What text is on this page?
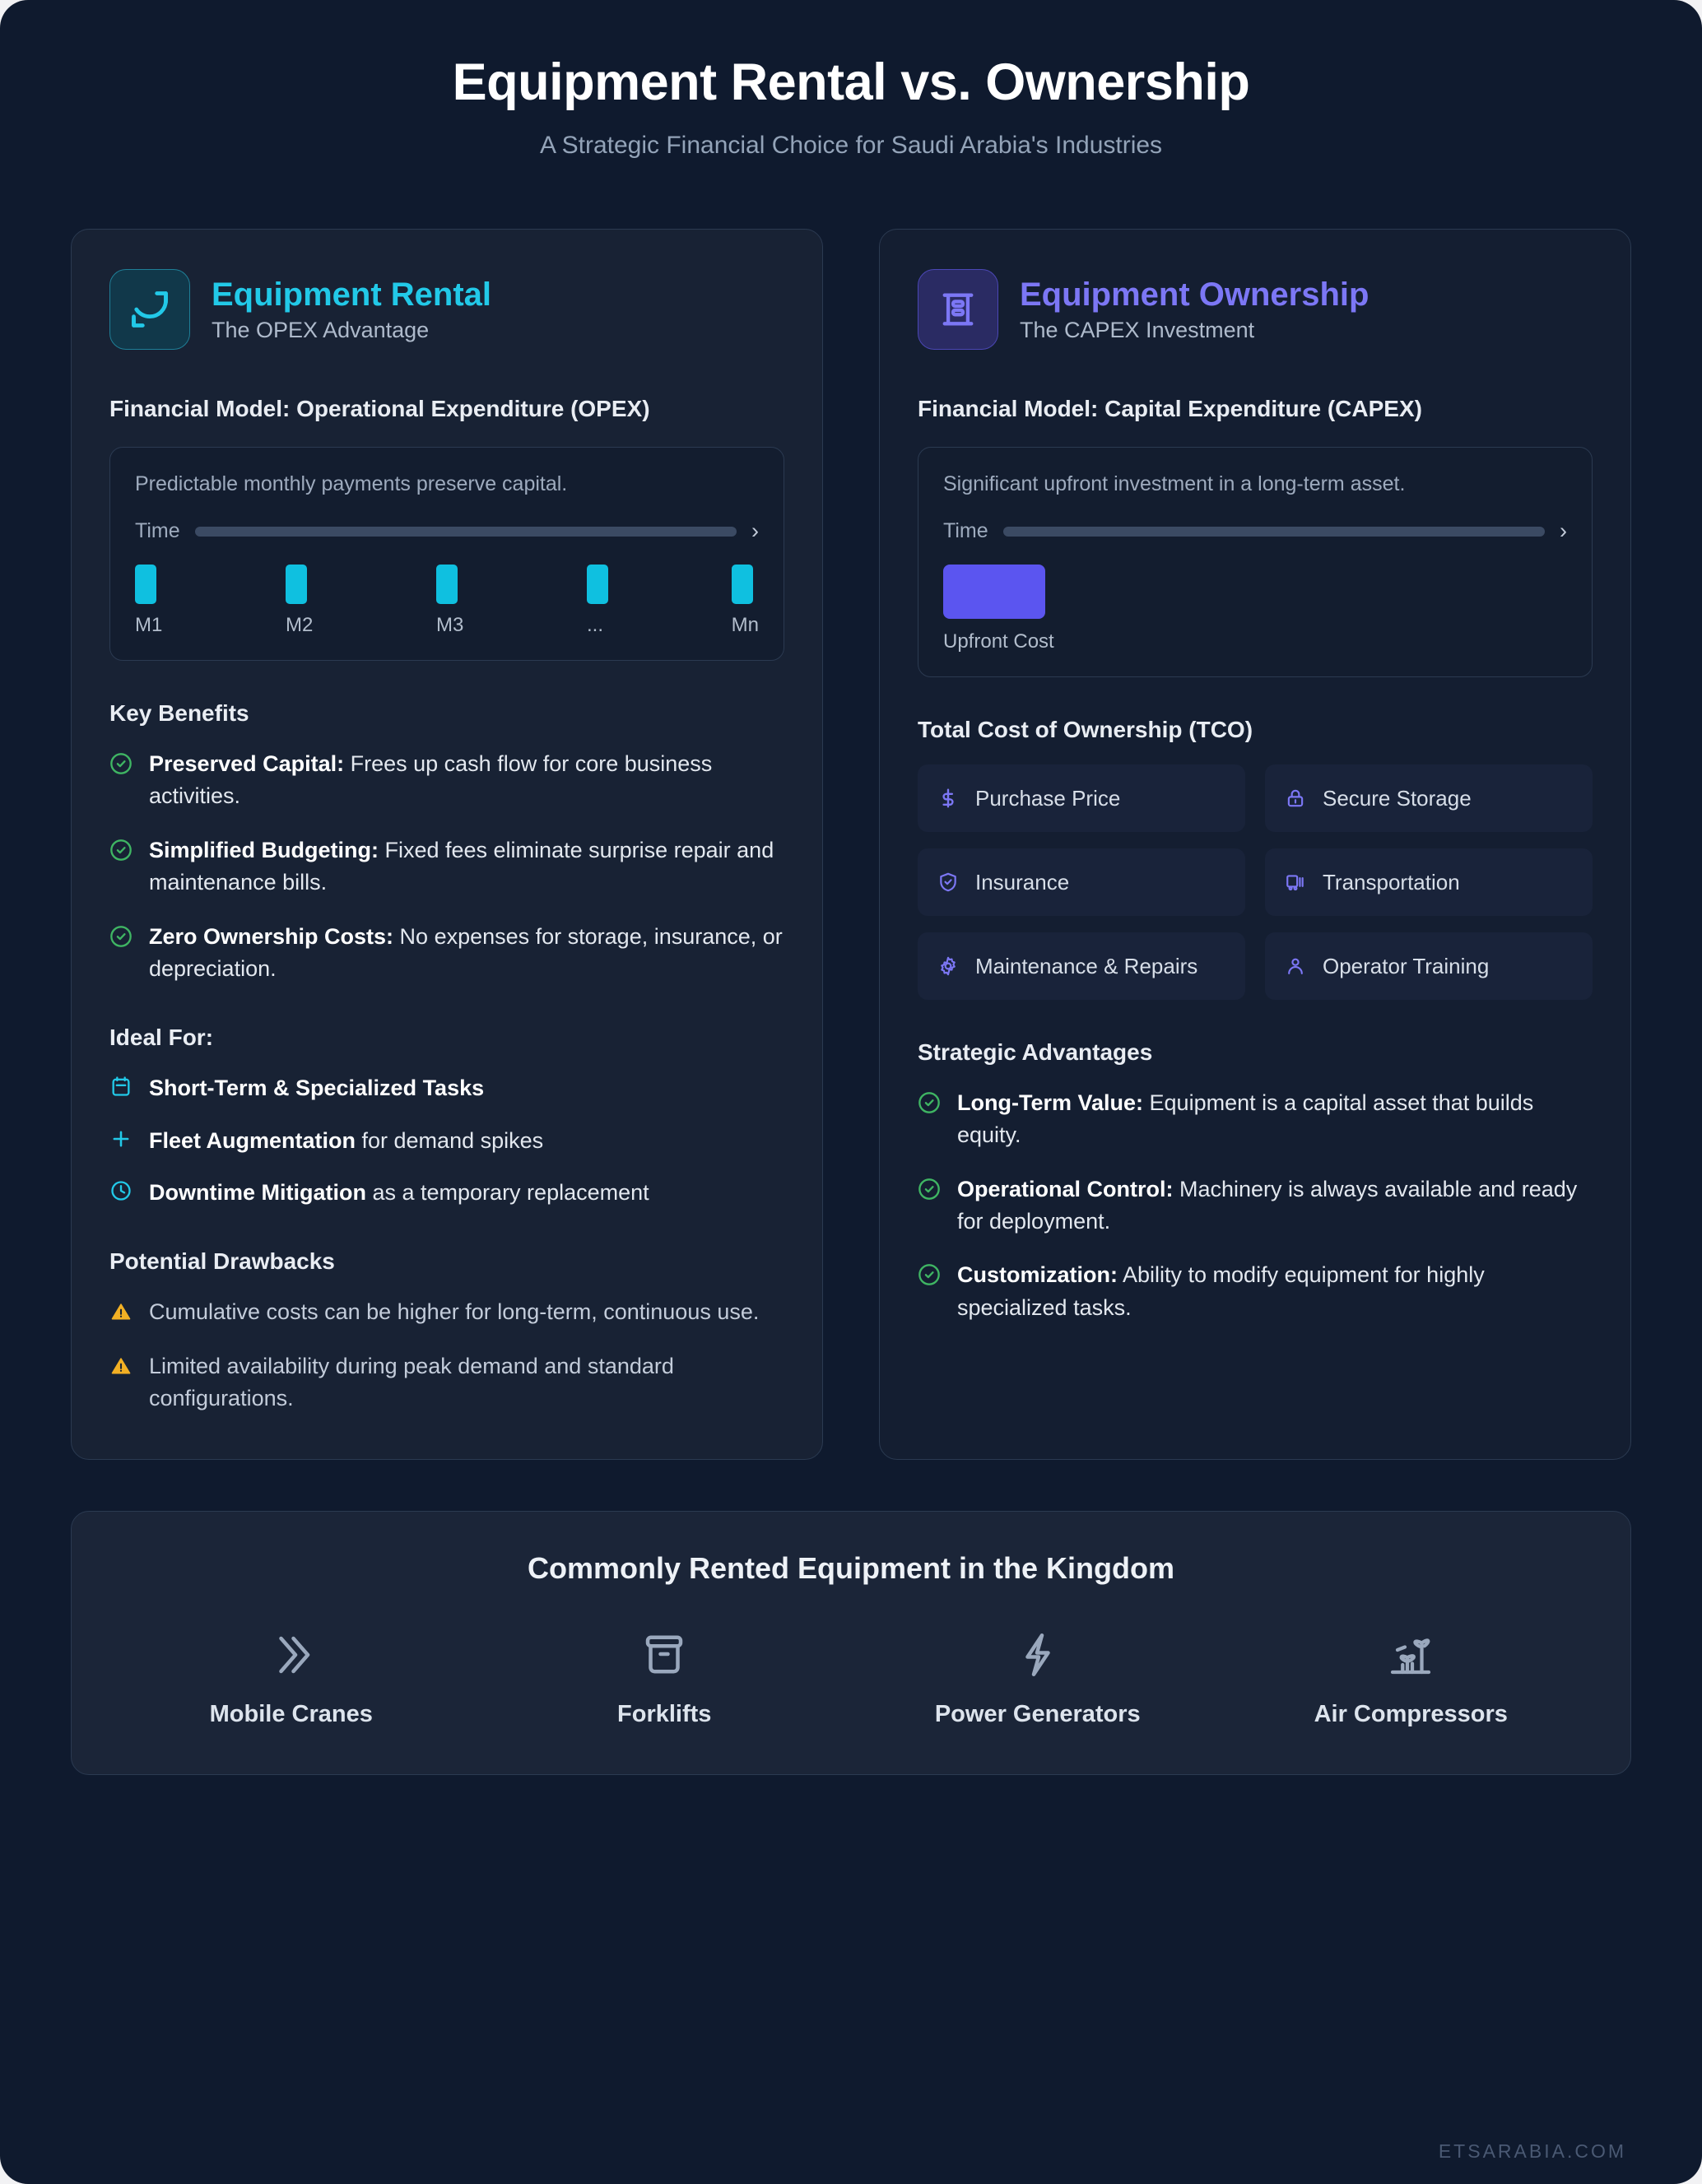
Equipment Rental vs. Ownership
A Strategic Financial Choice for Saudi Arabia's Industries
Equipment Rental
The OPEX Advantage
Financial Model: Operational Expenditure (OPEX)
Predictable monthly payments preserve capital.
Time	›
M1	M2	M3	...	Mn
Key Benefits
Preserved Capital: Frees up cash flow for core business activities.
Simplified Budgeting: Fixed fees eliminate surprise repair and maintenance bills.
Zero Ownership Costs: No expenses for storage, insurance, or depreciation.
Ideal For:
Short-Term & Specialized Tasks
Fleet Augmentation for demand spikes
Downtime Mitigation as a temporary replacement
Potential Drawbacks
Cumulative costs can be higher for long-term, continuous use.
Limited availability during peak demand and standard configurations.
Equipment Ownership
The CAPEX Investment
Financial Model: Capital Expenditure (CAPEX)
Significant upfront investment in a long-term asset.
Time	›
Upfront Cost
Total Cost of Ownership (TCO)
Purchase Price	Secure Storage
Insurance	Transportation
Maintenance & Repairs	Operator Training
Strategic Advantages
Long-Term Value: Equipment is a capital asset that builds equity.
Operational Control: Machinery is always available and ready for deployment.
Customization: Ability to modify equipment for highly specialized tasks.
Commonly Rented Equipment in the Kingdom
Mobile Cranes	Forklifts	Power Generators	Air Compressors
ETSARABIA.COM
